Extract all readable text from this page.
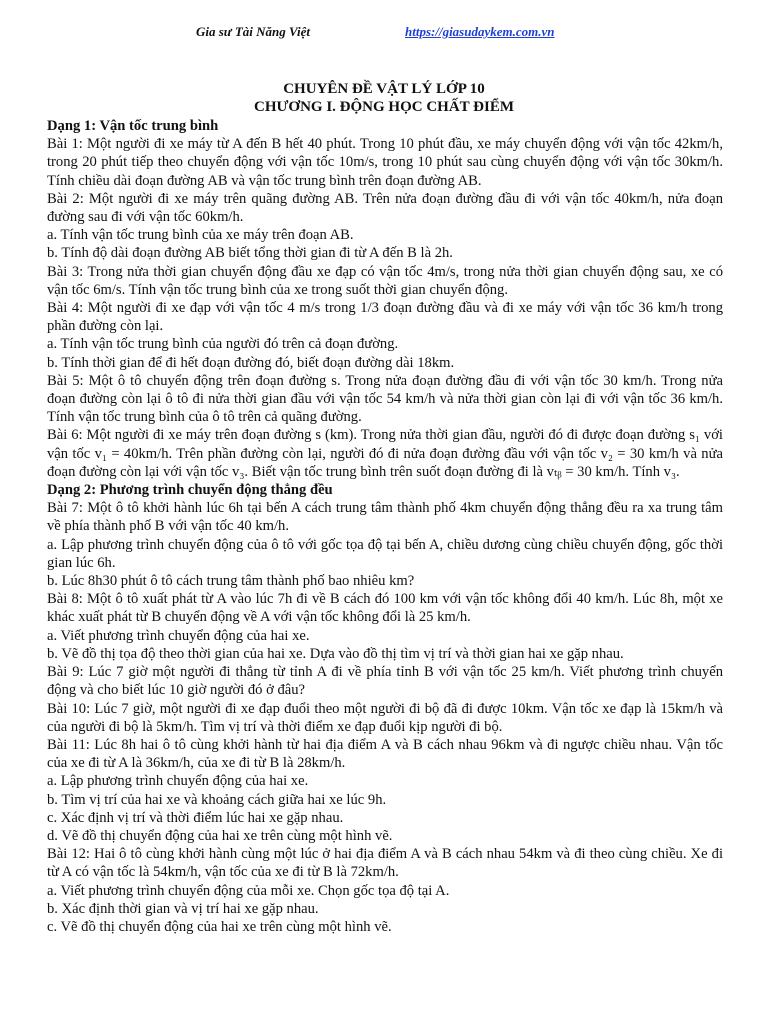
Gia sư Tài Năng Việt	https://giasudaykem.com.vn
CHUYÊN ĐỀ VẬT LÝ LỚP 10
CHƯƠNG I. ĐỘNG HỌC CHẤT ĐIỂM

Dạng 1: Vận tốc trung bình

Bài 1: Một người đi xe máy từ A đến B hết 40 phút. Trong 10 phút đầu, xe máy chuyển động với vận tốc 42km/h, trong 20 phút tiếp theo chuyển động với vận tốc 10m/s, trong 10 phút sau cùng chuyển động với vận tốc 30km/h. Tính chiều dài đoạn đường AB và vận tốc trung bình trên đoạn đường AB.

Bài 2: Một người đi xe máy trên quãng đường AB. Trên nửa đoạn đường đầu đi với vận tốc 40km/h, nửa đoạn đường sau đi với vận tốc 60km/h.

a. Tính vận tốc trung bình của xe máy trên đoạn AB.

b. Tính độ dài đoạn đường AB biết tổng thời gian đi từ A đến B là 2h.

Bài 3: Trong nửa thời gian chuyển động đầu xe đạp có vận tốc 4m/s, trong nửa thời gian chuyển động sau, xe có vận tốc 6m/s. Tính vận tốc trung bình của xe trong suốt thời gian chuyển động.

Bài 4: Một người đi xe đạp với vận tốc 4 m/s trong 1/3 đoạn đường đầu và đi xe máy với vận tốc 36 km/h trong phần đường còn lại.

a. Tính vận tốc trung bình của người đó trên cả đoạn đường.

b. Tính thời gian để đi hết đoạn đường đó, biết đoạn đường dài 18km.

Bài 5: Một ô tô chuyển động trên đoạn đường s. Trong nửa đoạn đường đầu đi với vận tốc 30 km/h. Trong nửa đoạn đường còn lại ô tô đi nửa thời gian đầu với vận tốc 54 km/h và nửa thời gian còn lại đi với vận tốc 36 km/h. Tính vận tốc trung bình của ô tô trên cả quãng đường.

Bài 6: Một người đi xe máy trên đoạn đường s (km). Trong nửa thời gian đầu, người đó đi được đoạn đường s₁ với vận tốc v₁ = 40km/h. Trên phần đường còn lại, người đó đi nửa đoạn đường đầu với vận tốc v₂ = 30 km/h và nửa đoạn đường còn lại với vận tốc v₃. Biết vận tốc trung bình trên suốt đoạn đường đi là vₜᵦ = 30 km/h. Tính v₃.

Dạng 2: Phương trình chuyển động thẳng đều

Bài 7: Một ô tô khởi hành lúc 6h tại bến A cách trung tâm thành phố 4km chuyển động thẳng đều ra xa trung tâm về phía thành phố B với vận tốc 40 km/h.

a. Lập phương trình chuyển động của ô tô với gốc tọa độ tại bến A, chiều dương cùng chiều chuyển động, gốc thời gian lúc 6h.

b. Lúc 8h30 phút ô tô cách trung tâm thành phố bao nhiêu km?

Bài 8: Một ô tô xuất phát từ A vào lúc 7h đi về B cách đó 100 km với vận tốc không đổi 40 km/h. Lúc 8h, một xe khác xuất phát từ B chuyển động về A với vận tốc không đổi là 25 km/h.

a. Viết phương trình chuyển động của hai xe.

b. Vẽ đồ thị tọa độ theo thời gian của hai xe. Dựa vào đồ thị tìm vị trí và thời gian hai xe gặp nhau.

Bài 9: Lúc 7 giờ một người đi thẳng từ tỉnh A đi về phía tỉnh B với vận tốc 25 km/h. Viết phương trình chuyển động và cho biết lúc 10 giờ người đó ở đâu?

Bài 10: Lúc 7 giờ, một người đi xe đạp đuổi theo một người đi bộ đã đi được 10km. Vận tốc xe đạp là 15km/h và của người đi bộ là 5km/h. Tìm vị trí và thời điểm xe đạp đuổi kịp người đi bộ.

Bài 11: Lúc 8h hai ô tô cùng khởi hành từ hai địa điểm A và B cách nhau 96km và đi ngược chiều nhau. Vận tốc của xe đi từ A là 36km/h, của xe đi từ B là 28km/h.

a. Lập phương trình chuyển động của hai xe.

b. Tìm vị trí của hai xe và khoảng cách giữa hai xe lúc 9h.

c. Xác định vị trí và thời điểm lúc hai xe gặp nhau.

d. Vẽ đồ thị chuyển động của hai xe trên cùng một hình vẽ.

Bài 12: Hai ô tô cùng khởi hành cùng một lúc ở hai địa điểm A và B cách nhau 54km và đi theo cùng chiều. Xe đi từ A có vận tốc là 54km/h, vận tốc của xe đi từ B là 72km/h.

a. Viết phương trình chuyển động của mỗi xe. Chọn gốc tọa độ tại A.

b. Xác định thời gian và vị trí hai xe gặp nhau.

c. Vẽ đồ thị chuyển động của hai xe trên cùng một hình vẽ.
